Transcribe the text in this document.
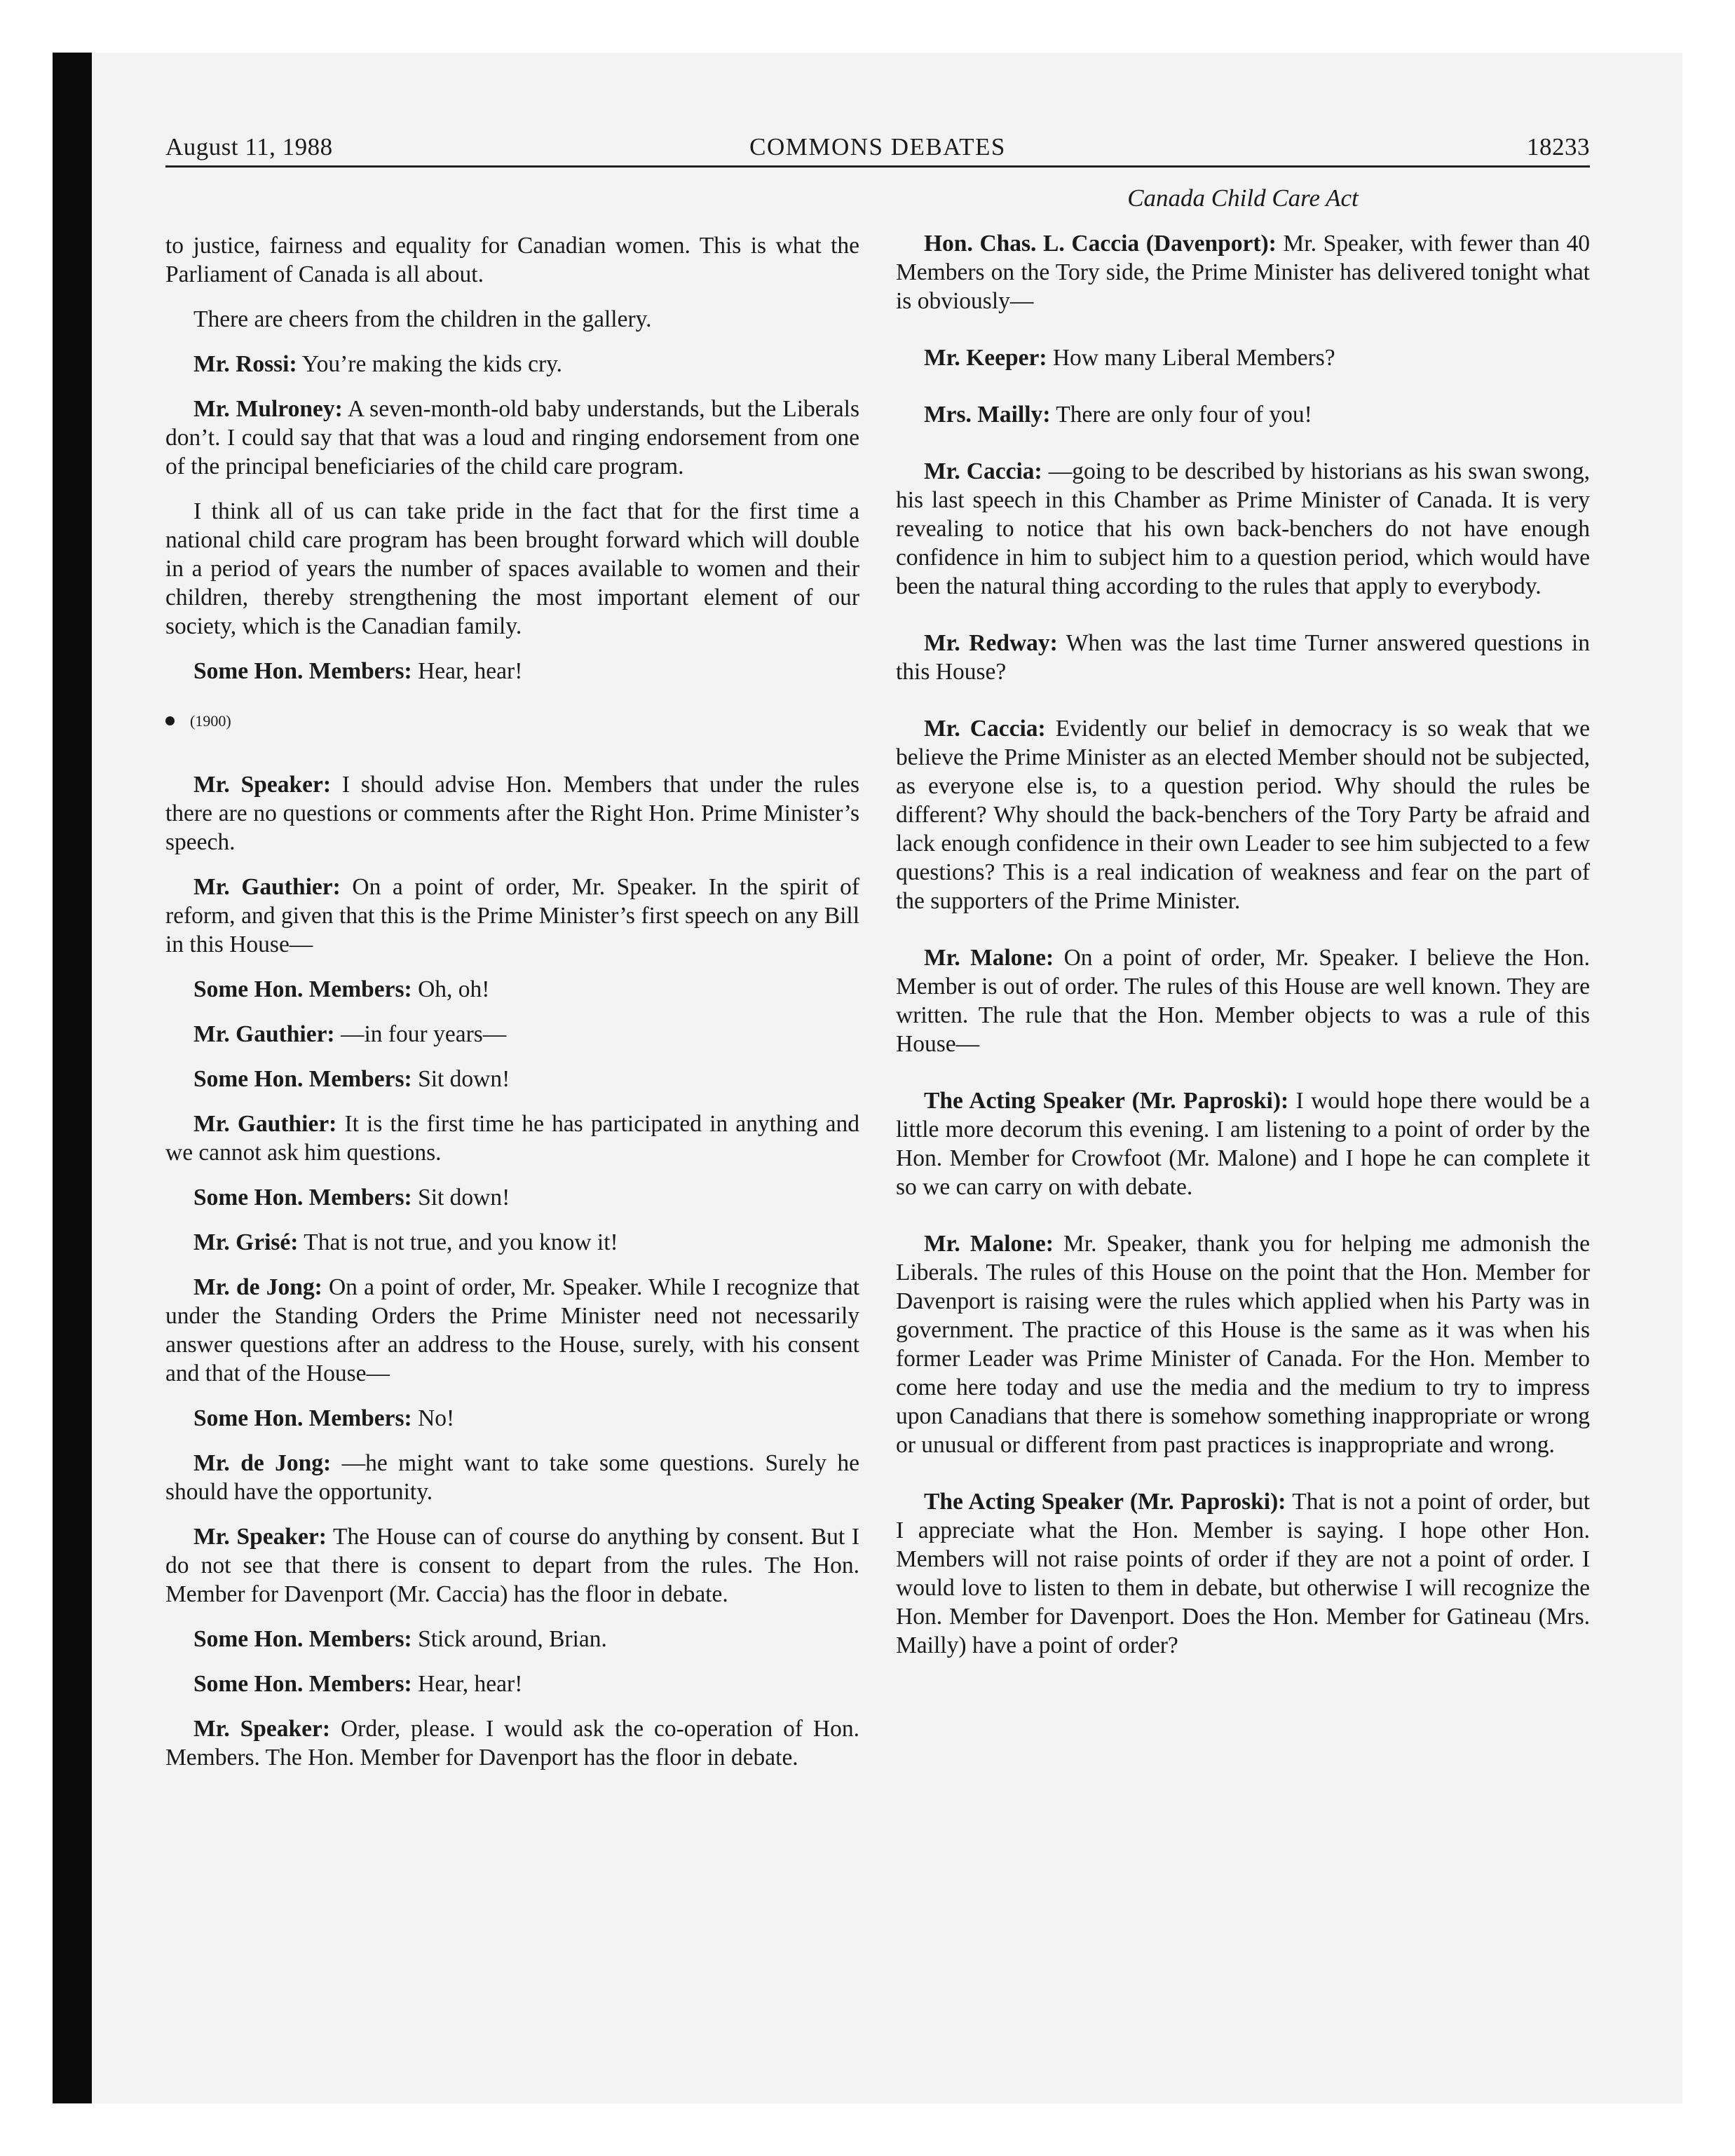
August 11, 1988	COMMONS DEBATES	18233

to justice, fairness and equality for Canadian women. This is what the Parliament of Canada is all about.

There are cheers from the children in the gallery.

Mr. Rossi: You’re making the kids cry.

Mr. Mulroney: A seven-month-old baby understands, but the Liberals don’t. I could say that that was a loud and ringing endorsement from one of the principal beneficiaries of the child care program.

I think all of us can take pride in the fact that for the first time a national child care program has been brought forward which will double in a period of years the number of spaces available to women and their children, thereby strengthening the most important element of our society, which is the Canadian family.

Some Hon. Members: Hear, hear!

(1900)

Mr. Speaker: I should advise Hon. Members that under the rules there are no questions or comments after the Right Hon. Prime Minister’s speech.

Mr. Gauthier: On a point of order, Mr. Speaker. In the spirit of reform, and given that this is the Prime Minister’s first speech on any Bill in this House—

Some Hon. Members: Oh, oh!

Mr. Gauthier: —in four years—

Some Hon. Members: Sit down!

Mr. Gauthier: It is the first time he has participated in anything and we cannot ask him questions.

Some Hon. Members: Sit down!

Mr. Grisé: That is not true, and you know it!

Mr. de Jong: On a point of order, Mr. Speaker. While I recognize that under the Standing Orders the Prime Minister need not necessarily answer questions after an address to the House, surely, with his consent and that of the House—

Some Hon. Members: No!

Mr. de Jong: —he might want to take some questions. Surely he should have the opportunity.

Mr. Speaker: The House can of course do anything by consent. But I do not see that there is consent to depart from the rules. The Hon. Member for Davenport (Mr. Caccia) has the floor in debate.

Some Hon. Members: Stick around, Brian.

Some Hon. Members: Hear, hear!

Mr. Speaker: Order, please. I would ask the co-operation of Hon. Members. The Hon. Member for Davenport has the floor in debate.

Canada Child Care Act

Hon. Chas. L. Caccia (Davenport): Mr. Speaker, with fewer than 40 Members on the Tory side, the Prime Minister has delivered tonight what is obviously—

Mr. Keeper: How many Liberal Members?

Mrs. Mailly: There are only four of you!

Mr. Caccia: —going to be described by historians as his swan swong, his last speech in this Chamber as Prime Minister of Canada. It is very revealing to notice that his own back-benchers do not have enough confidence in him to subject him to a question period, which would have been the natural thing according to the rules that apply to everybody.

Mr. Redway: When was the last time Turner answered questions in this House?

Mr. Caccia: Evidently our belief in democracy is so weak that we believe the Prime Minister as an elected Member should not be subjected, as everyone else is, to a question period. Why should the rules be different? Why should the back-benchers of the Tory Party be afraid and lack enough confidence in their own Leader to see him subjected to a few questions? This is a real indication of weakness and fear on the part of the supporters of the Prime Minister.

Mr. Malone: On a point of order, Mr. Speaker. I believe the Hon. Member is out of order. The rules of this House are well known. They are written. The rule that the Hon. Member objects to was a rule of this House—

The Acting Speaker (Mr. Paproski): I would hope there would be a little more decorum this evening. I am listening to a point of order by the Hon. Member for Crowfoot (Mr. Malone) and I hope he can complete it so we can carry on with debate.

Mr. Malone: Mr. Speaker, thank you for helping me admonish the Liberals. The rules of this House on the point that the Hon. Member for Davenport is raising were the rules which applied when his Party was in government. The practice of this House is the same as it was when his former Leader was Prime Minister of Canada. For the Hon. Member to come here today and use the media and the medium to try to impress upon Canadians that there is somehow something inappropriate or wrong or unusual or different from past practices is inappropriate and wrong.

The Acting Speaker (Mr. Paproski): That is not a point of order, but I appreciate what the Hon. Member is saying. I hope other Hon. Members will not raise points of order if they are not a point of order. I would love to listen to them in debate, but otherwise I will recognize the Hon. Member for Davenport. Does the Hon. Member for Gatineau (Mrs. Mailly) have a point of order?
